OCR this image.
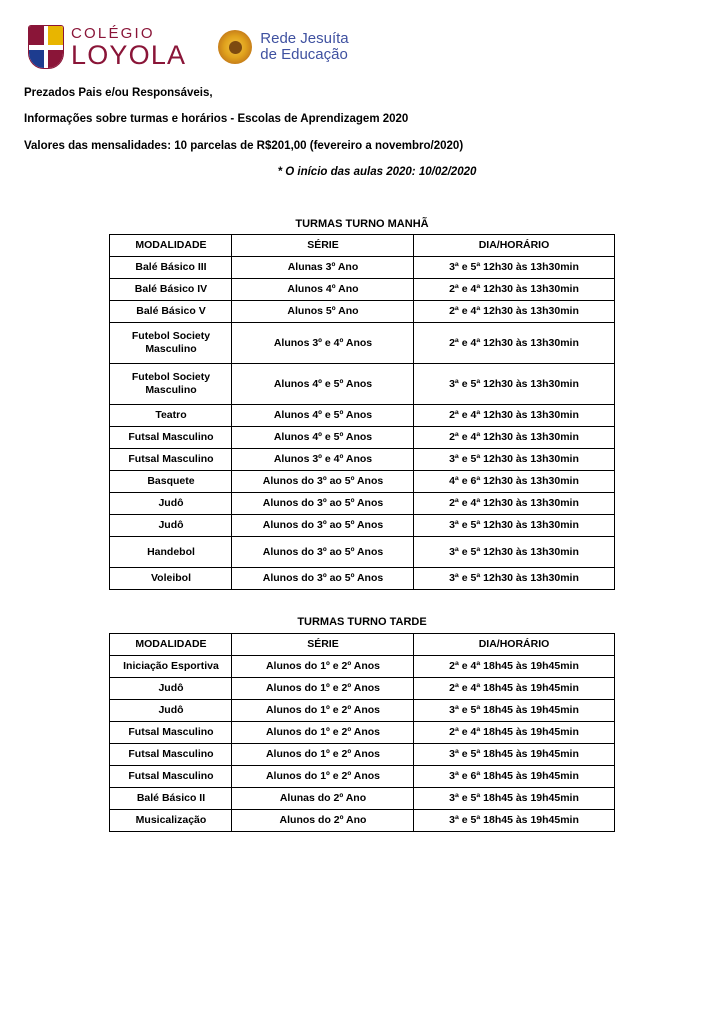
COLÉGIO
LOYOLA
Rede Jesuíta
de Educação

Prezados Pais e/ou Responsáveis,

Informações sobre turmas e horários - Escolas de Aprendizagem 2020

Valores das mensalidades: 10 parcelas de R$201,00 (fevereiro a novembro/2020)

* O início das aulas 2020: 10/02/2020

TURMAS TURNO MANHÃ		
MODALIDADE	SÉRIE	DIA/HORÁRIO
Balé Básico III	Alunas 3º Ano	3ª e 5ª 12h30 às 13h30min
Balé Básico IV	Alunos 4º Ano	2ª e 4ª 12h30 às 13h30min
Balé Básico V	Alunos 5º Ano	2ª e 4ª 12h30 às 13h30min
Futebol Society Masculino	Alunos 3º e 4º Anos	2ª e 4ª 12h30 às 13h30min
Futebol Society Masculino	Alunos 4º e 5º Anos	3ª e 5ª 12h30 às 13h30min
Teatro	Alunos 4º e 5º Anos	2ª e 4ª 12h30 às 13h30min
Futsal Masculino	Alunos 4º e 5º Anos	2ª e 4ª 12h30 às 13h30min
Futsal Masculino	Alunos 3º e 4º Anos	3ª e 5ª 12h30 às 13h30min
Basquete	Alunos do 3º ao 5º Anos	4ª e 6ª 12h30 às 13h30min
Judô	Alunos do 3º ao 5º Anos	2ª e 4ª 12h30 às 13h30min
Judô	Alunos do 3º ao 5º Anos	3ª e 5ª 12h30 às 13h30min
Handebol	Alunos do 3º ao 5º Anos	3ª e 5ª 12h30 às 13h30min
Voleibol	Alunos do 3º ao 5º Anos	3ª e 5ª 12h30 às 13h30min
TURMAS TURNO TARDE		
MODALIDADE	SÉRIE	DIA/HORÁRIO
Iniciação Esportiva	Alunos do 1º e 2º Anos	2ª e 4ª 18h45 às 19h45min
Judô	Alunos do 1º e 2º Anos	2ª e 4ª 18h45 às 19h45min
Judô	Alunos do 1º e 2º Anos	3ª e 5ª 18h45 às 19h45min
Futsal Masculino	Alunos do 1º e 2º Anos	2ª e 4ª 18h45 às 19h45min
Futsal Masculino	Alunos do 1º e 2º Anos	3ª e 5ª 18h45 às 19h45min
Futsal Masculino	Alunos do 1º e 2º Anos	3ª e 6ª 18h45 às 19h45min
Balé Básico II	Alunas do 2º Ano	3ª e 5ª 18h45 às 19h45min
Musicalização	Alunos do 2º Ano	3ª e 5ª 18h45 às 19h45min
